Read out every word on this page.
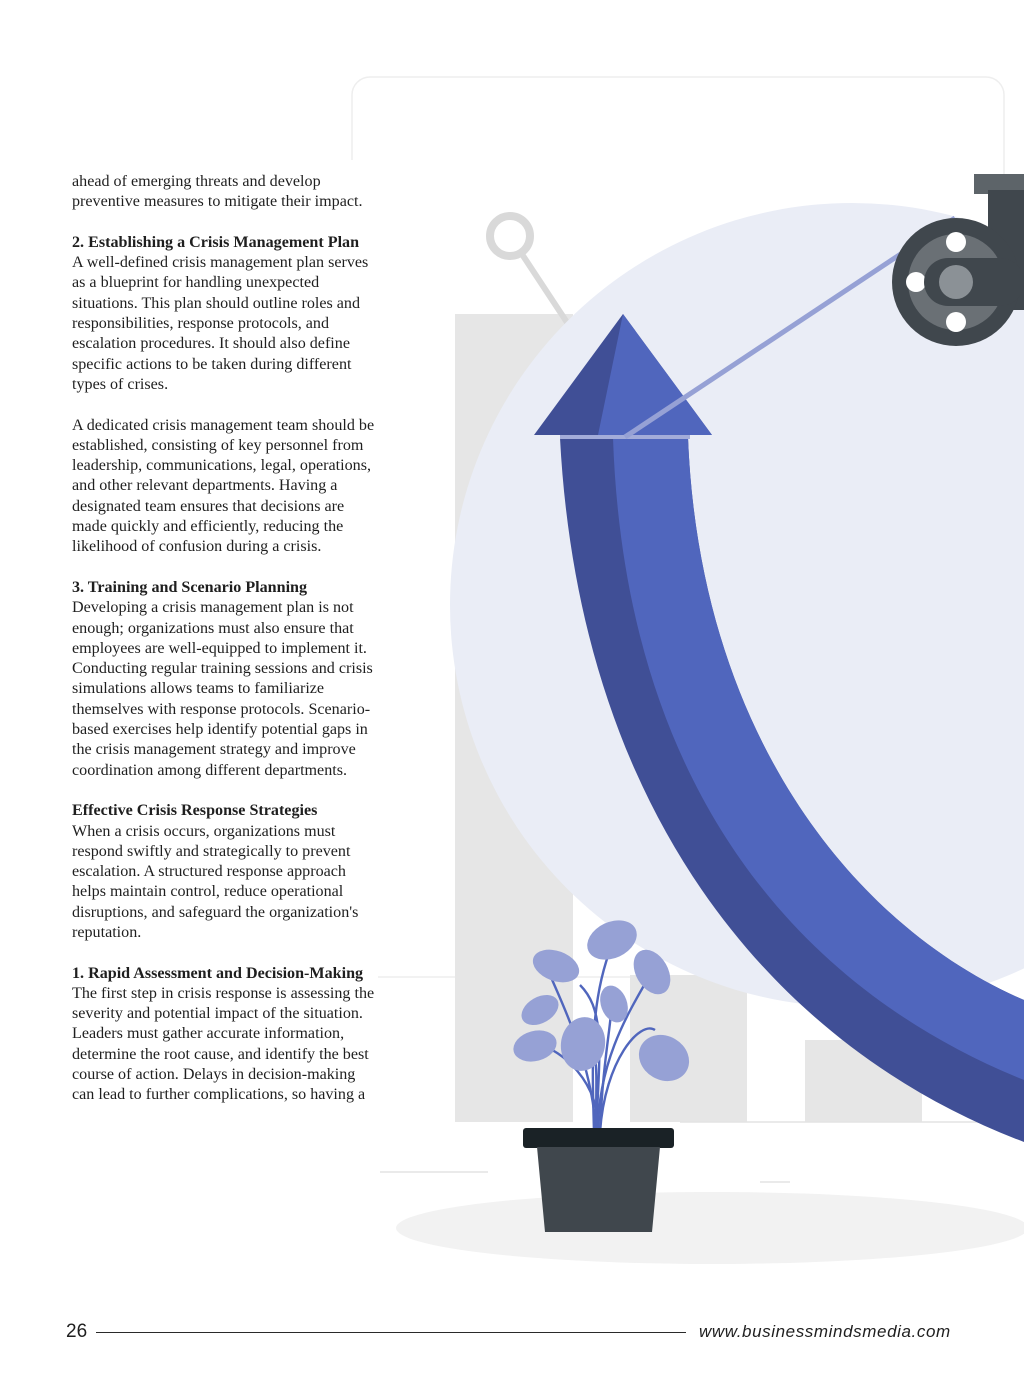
ahead of emerging threats and develop preventive measures to mitigate their impact.

2. Establishing a Crisis Management Plan

A well-defined crisis management plan serves as a blueprint for handling unexpected situations. This plan should outline roles and responsibilities, response protocols, and escalation procedures. It should also define specific actions to be taken during different types of crises.

A dedicated crisis management team should be established, consisting of key personnel from leadership, communications, legal, operations, and other relevant departments. Having a designated team ensures that decisions are made quickly and efficiently, reducing the likelihood of confusion during a crisis.

3. Training and Scenario Planning

Developing a crisis management plan is not enough; organizations must also ensure that employees are well-equipped to implement it. Conducting regular training sessions and crisis simulations allows teams to familiarize themselves with response protocols. Scenario-based exercises help identify potential gaps in the crisis management strategy and improve coordination among different departments.

Effective Crisis Response Strategies

When a crisis occurs, organizations must respond swiftly and strategically to prevent escalation. A structured response approach helps maintain control, reduce operational disruptions, and safeguard the organization's reputation.

1. Rapid Assessment and Decision-Making

The first step in crisis response is assessing the severity and potential impact of the situation. Leaders must gather accurate information, determine the root cause, and identify the best course of action. Delays in decision-making can lead to further complications, so having a

26	www.businessmindsmedia.com
